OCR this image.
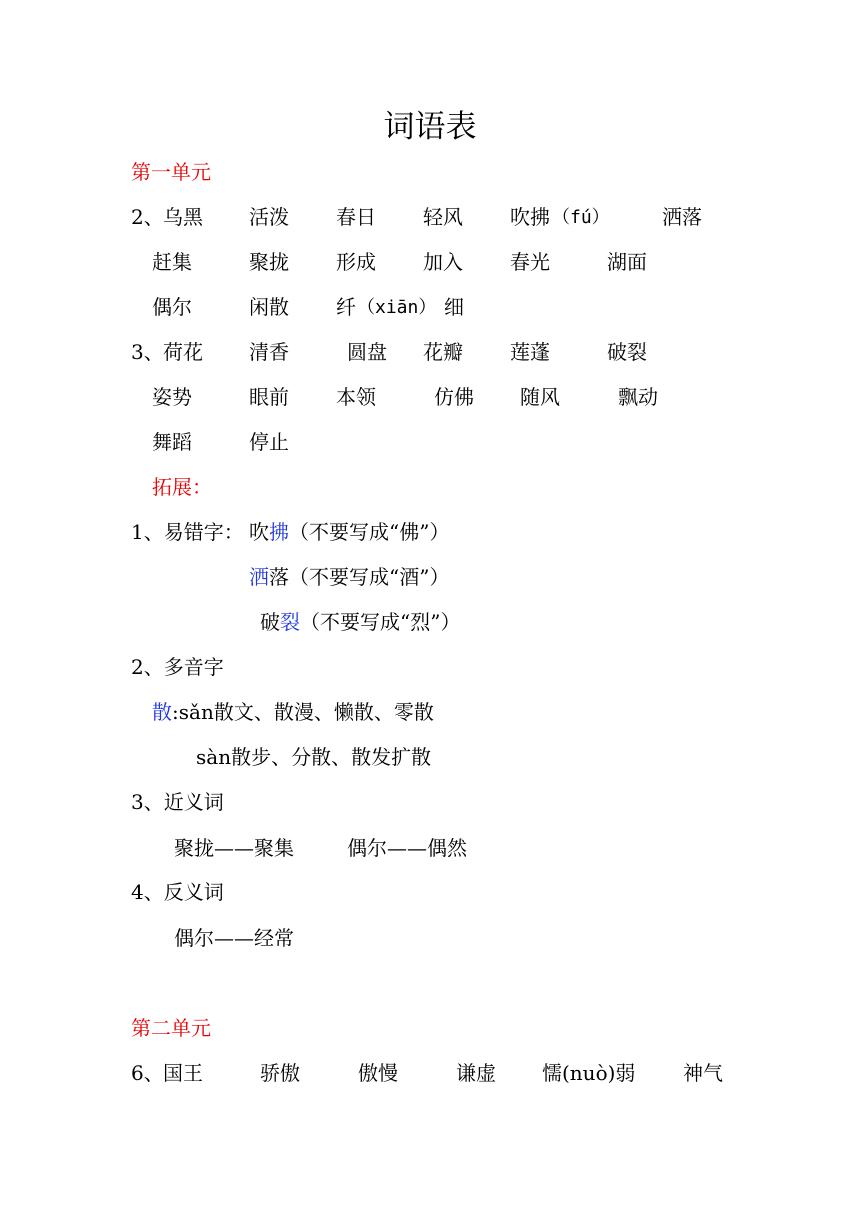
词语表
第一单元
2、 乌黑 活泼 春日 轻风 吹拂 （fú）	洒落
赶集	聚拢 形成 加入 春光	湖面
偶尔	闲散 纤 （xiān） 细
3、 荷花 清香	圆盘 花瓣 莲蓬	破裂
姿势	眼前 本领	仿佛 随风	飘动
舞蹈	停止
拓展：
1、易错字： 吹拂（不要写成“佛”）
洒落（不要写成“酒”）
破裂（不要写成“烈”）
2、多音字
散:sǎn散文、散漫、懒散、零散
sàn散步、分散、散发扩散
3、近义词
聚拢——聚集	偶尔——偶然
4、反义词
偶尔——经常
第二单元
6、 国王	骄傲	傲慢	谦虚 懦(nuò)弱 神气
